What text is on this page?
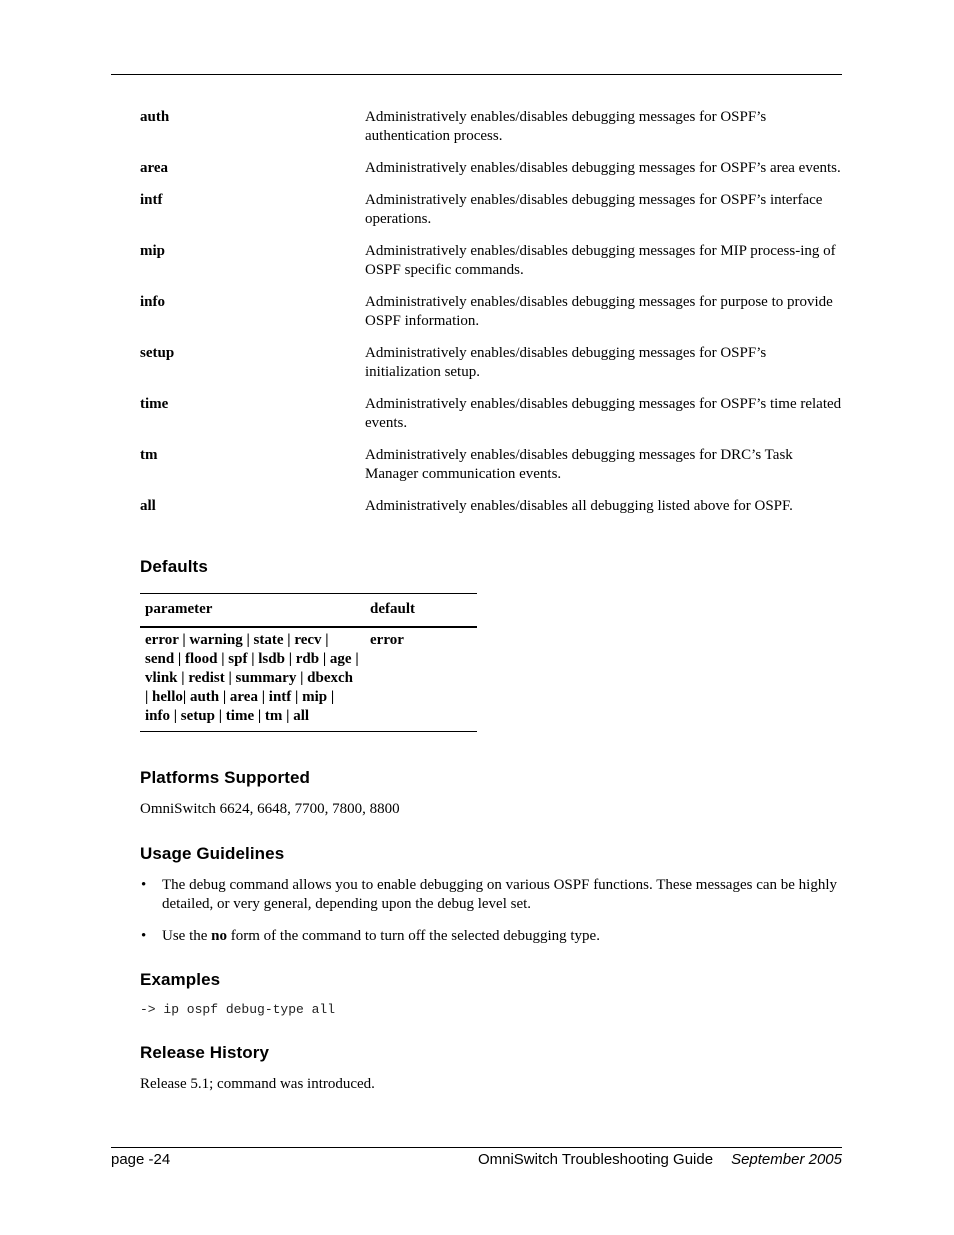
auth	Administratively enables/disables debugging messages for OSPF’s authentication process.
area	Administratively enables/disables debugging messages for OSPF’s area events.
intf	Administratively enables/disables debugging messages for OSPF’s interface operations.
mip	Administratively enables/disables debugging messages for MIP process-ing of OSPF specific commands.
info	Administratively enables/disables debugging messages for purpose to provide OSPF information.
setup	Administratively enables/disables debugging messages for OSPF’s initialization setup.
time	Administratively enables/disables debugging messages for OSPF’s time related events.
tm	Administratively enables/disables debugging messages for DRC’s Task Manager communication events.
all	Administratively enables/disables all debugging listed above for OSPF.
Defaults
parameter	default
error | warning | state | recv | send | flood | spf | lsdb | rdb | age | vlink | redist | summary | dbexch | hello| auth | area | intf | mip | info | setup | time | tm | all	error
Platforms Supported

OmniSwitch 6624, 6648, 7700, 7800, 8800

Usage Guidelines
• The debug command allows you to enable debugging on various OSPF functions. These messages can be highly detailed, or very general, depending upon the debug level set.
• Use the no form of the command to turn off the selected debugging type.
Examples
-> ip ospf debug-type all
Release History

Release 5.1; command was introduced.

page -24	OmniSwitch Troubleshooting Guide September 2005
